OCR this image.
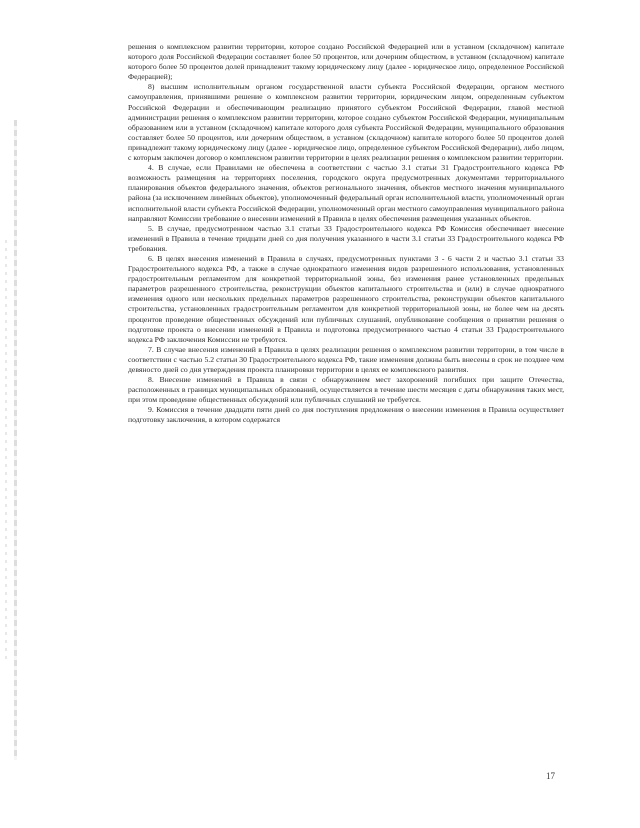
решения о комплексном развитии территории, которое создано Российской Федерацией или в уставном (складочном) капитале которого доля Российской Федерации составляет более 50 процентов, или дочерним обществом, в уставном (складочном) капитале которого более 50 процентов долей принадлежит такому юридическому лицу (далее - юридическое лицо, определенное Российской Федерацией);

8) высшим исполнительным органом государственной власти субъекта Российской Федерации, органом местного самоуправления, принявшими решение о комплексном развитии территории, юридическим лицом, определенным субъектом Российской Федерации и обеспечивающим реализацию принятого субъектом Российской Федерации, главой местной администрации решения о комплексном развитии территории, которое создано субъектом Российской Федерации, муниципальным образованием или в уставном (складочном) капитале которого доля субъекта Российской Федерации, муниципального образования составляет более 50 процентов, или дочерним обществом, в уставном (складочном) капитале которого более 50 процентов долей принадлежит такому юридическому лицу (далее - юридическое лицо, определенное субъектом Российской Федерации), либо лицом, с которым заключен договор о комплексном развитии территории в целях реализации решения о комплексном развитии территории.

4. В случае, если Правилами не обеспечена в соответствии с частью 3.1 статьи 31 Градостроительного кодекса РФ возможность размещения на территориях поселения, городского округа предусмотренных документами территориального планирования объектов федерального значения, объектов регионального значения, объектов местного значения муниципального района (за исключением линейных объектов), уполномоченный федеральный орган исполнительной власти, уполномоченный орган исполнительной власти субъекта Российской Федерации, уполномоченный орган местного самоуправления муниципального района направляют Комиссии требование о внесении изменений в Правила в целях обеспечения размещения указанных объектов.

5. В случае, предусмотренном частью 3.1 статьи 33 Градостроительного кодекса РФ Комиссия обеспечивает внесение изменений в Правила в течение тридцати дней со дня получения указанного в части 3.1 статьи 33 Градостроительного кодекса РФ требования.

6. В целях внесения изменений в Правила в случаях, предусмотренных пунктами 3 - 6 части 2 и частью 3.1 статьи 33 Градостроительного кодекса РФ, а также в случае однократного изменения видов разрешенного использования, установленных градостроительным регламентом для конкретной территориальной зоны, без изменения ранее установленных предельных параметров разрешенного строительства, реконструкции объектов капитального строительства и (или) в случае однократного изменения одного или нескольких предельных параметров разрешенного строительства, реконструкции объектов капитального строительства, установленных градостроительным регламентом для конкретной территориальной зоны, не более чем на десять процентов проведение общественных обсуждений или публичных слушаний, опубликование сообщения о принятии решения о подготовке проекта о внесении изменений в Правила и подготовка предусмотренного частью 4 статьи 33 Градостроительного кодекса РФ заключения Комиссии не требуются.

7. В случае внесения изменений в Правила в целях реализации решения о комплексном развитии территории, в том числе в соответствии с частью 5.2 статьи 30 Градостроительного кодекса РФ, такие изменения должны быть внесены в срок не позднее чем девяносто дней со дня утверждения проекта планировки территории в целях ее комплексного развития.

8. Внесение изменений в Правила в связи с обнаружением мест захоронений погибших при защите Отечества, расположенных в границах муниципальных образований, осуществляется в течение шести месяцев с даты обнаружения таких мест, при этом проведение общественных обсуждений или публичных слушаний не требуется.

9. Комиссия в течение двадцати пяти дней со дня поступления предложения о внесении изменения в Правила осуществляет подготовку заключения, в котором содержатся

17
